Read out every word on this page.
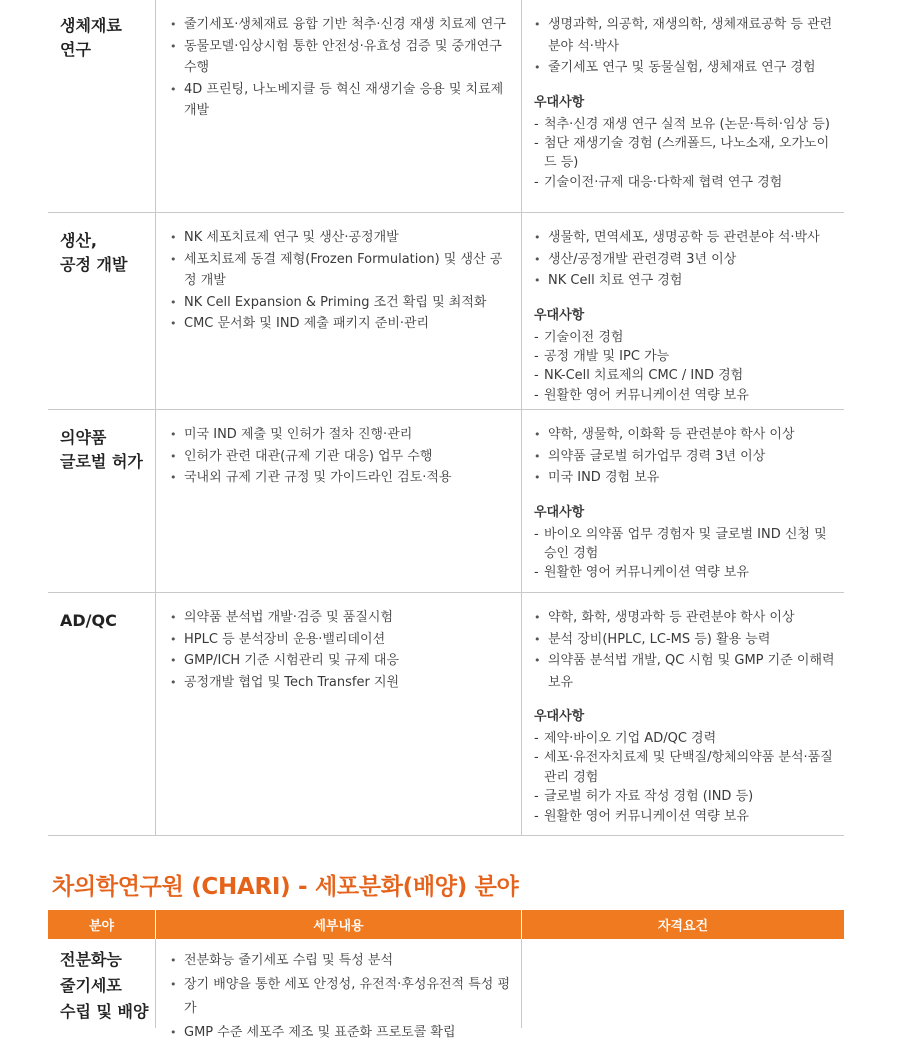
생체재료
연구
• 줄기세포·생체재료 융합 기반 척추·신경 재생 치료제 연구
• 동물모델·임상시험 통한 안전성·유효성 검증 및 중개연구 수행
• 4D 프린팅, 나노베지클 등 혁신 재생기술 응용 및 치료제 개발
• 생명과학, 의공학, 재생의학, 생체재료공학 등 관련분야 석·박사
• 줄기세포 연구 및 동물실험, 생체재료 연구 경험
우대사항
- 척추·신경 재생 연구 실적 보유 (논문·특허·임상 등)
- 첨단 재생기술 경험 (스캐폴드, 나노소재, 오가노이드 등)
- 기술이전·규제 대응·다학제 협력 연구 경험
생산,
공정 개발
• NK 세포치료제 연구 및 생산·공정개발
• 세포치료제 동결 제형(Frozen Formulation) 및 생산 공정 개발
• NK Cell Expansion & Priming 조건 확립 및 최적화
• CMC 문서화 및 IND 제출 패키지 준비·관리
• 생물학, 면역세포, 생명공학 등 관련분야 석·박사
• 생산/공정개발 관련경력 3년 이상
• NK Cell 치료 연구 경험
우대사항
- 기술이전 경험
- 공정 개발 및 IPC 가능
- NK-Cell 치료제의 CMC / IND 경험
- 원활한 영어 커뮤니케이션 역량 보유
의약품
글로벌 허가
• 미국 IND 제출 및 인허가 절차 진행·관리
• 인허가 관련 대관(규제 기관 대응) 업무 수행
• 국내외 규제 기관 규정 및 가이드라인 검토·적용
• 약학, 생물학, 이화확 등 관련분야 학사 이상
• 의약품 글로벌 허가업무 경력 3년 이상
• 미국 IND 경험 보유
우대사항
- 바이오 의약품 업무 경험자 및 글로벌 IND 신청 및 승인 경험
- 원활한 영어 커뮤니케이션 역량 보유
AD/QC
•	의약품 분석법 개발·검증 및 품질시험
• HPLC 등 분석장비 운용·밸리데이션
• GMP/ICH 기준 시험관리 및 규제 대응
• 공정개발 협업 및 Tech Transfer 지원
• 약학, 화학, 생명과학 등 관련분야 학사 이상
• 분석 장비(HPLC, LC-MS 등) 활용 능력
• 의약품 분석법 개발, QC 시험 및 GMP 기준 이해력 보유
우대사항
- 제약·바이오 기업 AD/QC 경력
- 세포·유전자치료제 및 단백질/항체의약품 분석·품질 관리 경험
- 글로벌 허가 자료 작성 경험 (IND 등)
- 원활한 영어 커뮤니케이션 역량 보유
차의학연구원 (CHARI) - 세포분화(배양) 분야
분야	세부내용	자격요건
전분화능
줄기세포
수립 및 배양
• 전분화능 줄기세포 수립 및 특성 분석
• 장기 배양을 통한 세포 안정성, 유전적·후성유전적 특성 평가
• GMP 수준 세포주 제조 및 표준화 프로토콜 확립
